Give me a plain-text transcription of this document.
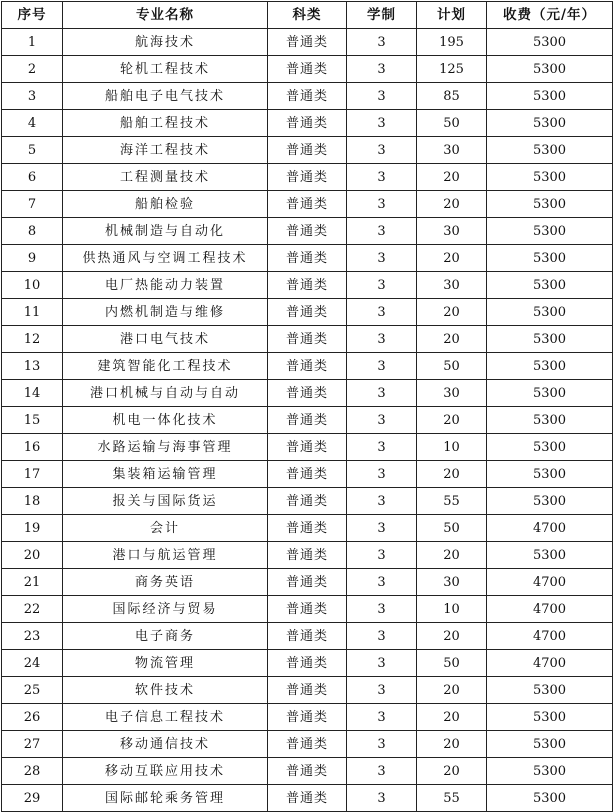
序号	专业名称	科类	学制	计划	收费（元/年）
1	航海技术	普通类	3	195	5300
2	轮机工程技术	普通类	3	125	5300
3	船舶电子电气技术	普通类	3	85	5300
4	船舶工程技术	普通类	3	50	5300
5	海洋工程技术	普通类	3	30	5300
6	工程测量技术	普通类	3	20	5300
7	船舶检验	普通类	3	20	5300
8	机械制造与自动化	普通类	3	30	5300
9	供热通风与空调工程技术	普通类	3	20	5300
10	电厂热能动力装置	普通类	3	30	5300
11	内燃机制造与维修	普通类	3	20	5300
12	港口电气技术	普通类	3	20	5300
13	建筑智能化工程技术	普通类	3	50	5300
14	港口机械与自动与自动	普通类	3	30	5300
15	机电一体化技术	普通类	3	20	5300
16	水路运输与海事管理	普通类	3	10	5300
17	集装箱运输管理	普通类	3	20	5300
18	报关与国际货运	普通类	3	55	5300
19	会计	普通类	3	50	4700
20	港口与航运管理	普通类	3	20	5300
21	商务英语	普通类	3	30	4700
22	国际经济与贸易	普通类	3	10	4700
23	电子商务	普通类	3	20	4700
24	物流管理	普通类	3	50	4700
25	软件技术	普通类	3	20	5300
26	电子信息工程技术	普通类	3	20	5300
27	移动通信技术	普通类	3	20	5300
28	移动互联应用技术	普通类	3	20	5300
29	国际邮轮乘务管理	普通类	3	55	5300
